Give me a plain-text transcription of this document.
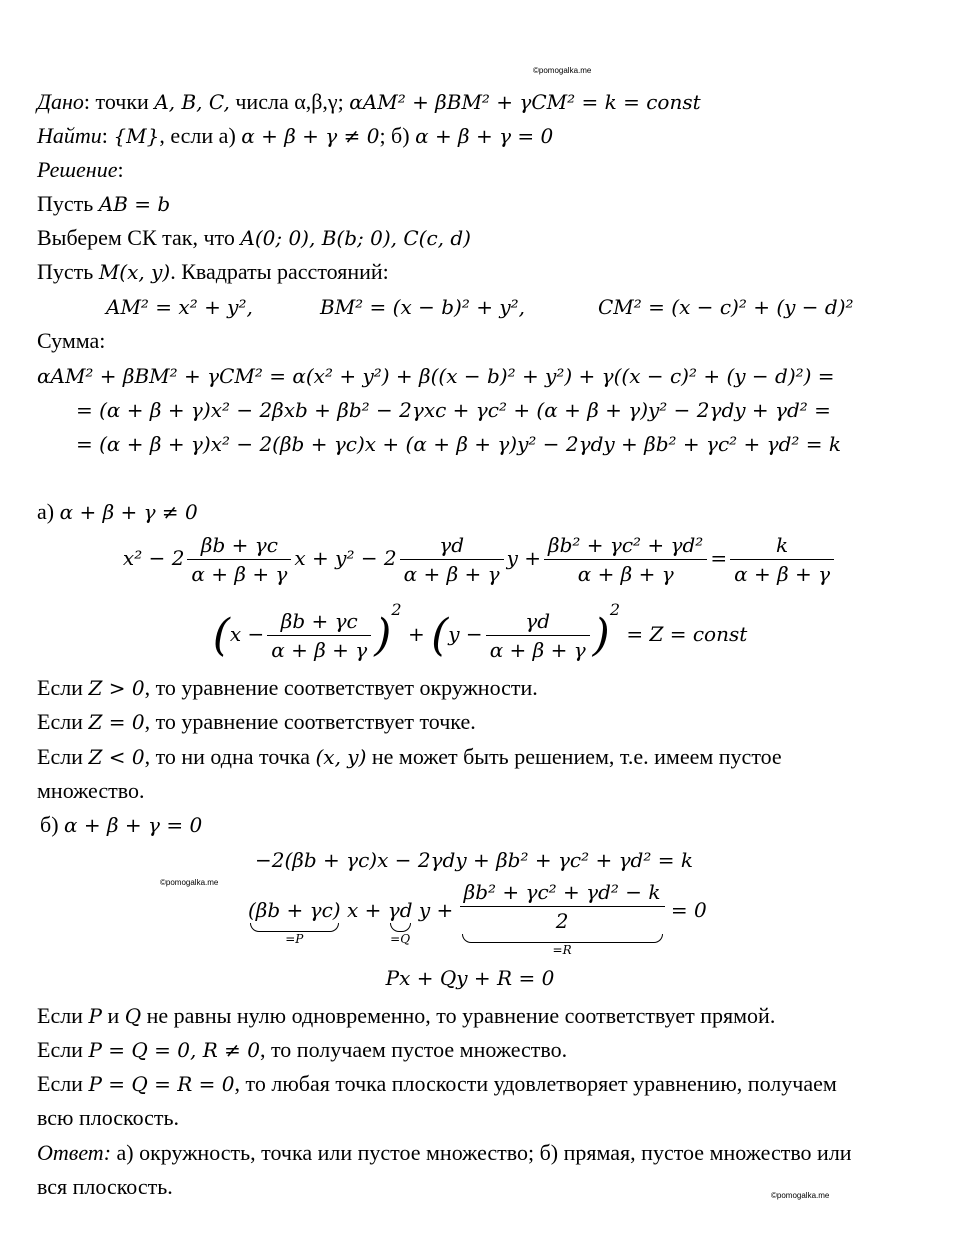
©pomogalka.me
©pomogalka.me
©pomogalka.me
Дано: точки A, B, C, числа α,β,γ; αAM² + βBM² + γCM² = k = const
Найти: {M}, если а) α + β + γ ≠ 0; б) α + β + γ = 0
Решение:
Пусть AB = b
Выберем СК так, что A(0; 0), B(b; 0), C(c, d)
Пусть M(x, y). Квадраты расстояний:
AM² = x² + y²,	BM² = (x − b)² + y²,	CM² = (x − c)² + (y − d)²
Сумма:
αAM² + βBM² + γCM² = α(x² + y²) + β((x − b)² + y²) + γ((x − c)² + (y − d)²) =
= (α + β + γ)x² − 2βxb + βb² − 2γxc + γc² + (α + β + γ)y² − 2γdy + γd² =
= (α + β + γ)x² − 2(βb + γc)x + (α + β + γ)y² − 2γdy + βb² + γc² + γd² = k
а) α + β + γ ≠ 0
$x^2 - 2 \frac{\beta b + \gamma c}{\alpha + \beta + \gamma}$ $x + y^2 - 2 \frac{\gamma d}{\alpha + \beta + \gamma}$ $y + \frac{\text{βb² + γc² + γd²}}{\alpha + \beta + \gamma} = \frac{k}{\alpha + \beta + \gamma}$
$(x - \frac{\beta b + \gamma c}{\alpha + \beta + \gamma} )^2 + (y - \frac{\gamma d}{\alpha + \beta + \gamma} )^2 = Z$ = const
Если Z > 0, то уравнение соответствует окружности.
Если Z = 0, то уравнение соответствует точке.
Если Z < 0, то ни одна точка (x, y) не может быть решением, т.е. имеем пустое
множество.
б) α + β + γ = 0
−2(βb + γc)x − 2γdy + βb² + γc² + γd² = k
(βb + γc)
=P
x + γd
=Q
y +
βb² + γc² + γd² − k
2
=R
= 0
Px + Qy + R = 0
Если P и Q не равны нулю одновременно, то уравнение соответствует прямой.
Если P = Q = 0, R ≠ 0, то получаем пустое множество.
Если P = Q = R = 0, то любая точка плоскости удовлетворяет уравнению, получаем
всю плоскость.
Ответ: а) окружность, точка или пустое множество; б) прямая, пустое множество или
вся плоскость.
